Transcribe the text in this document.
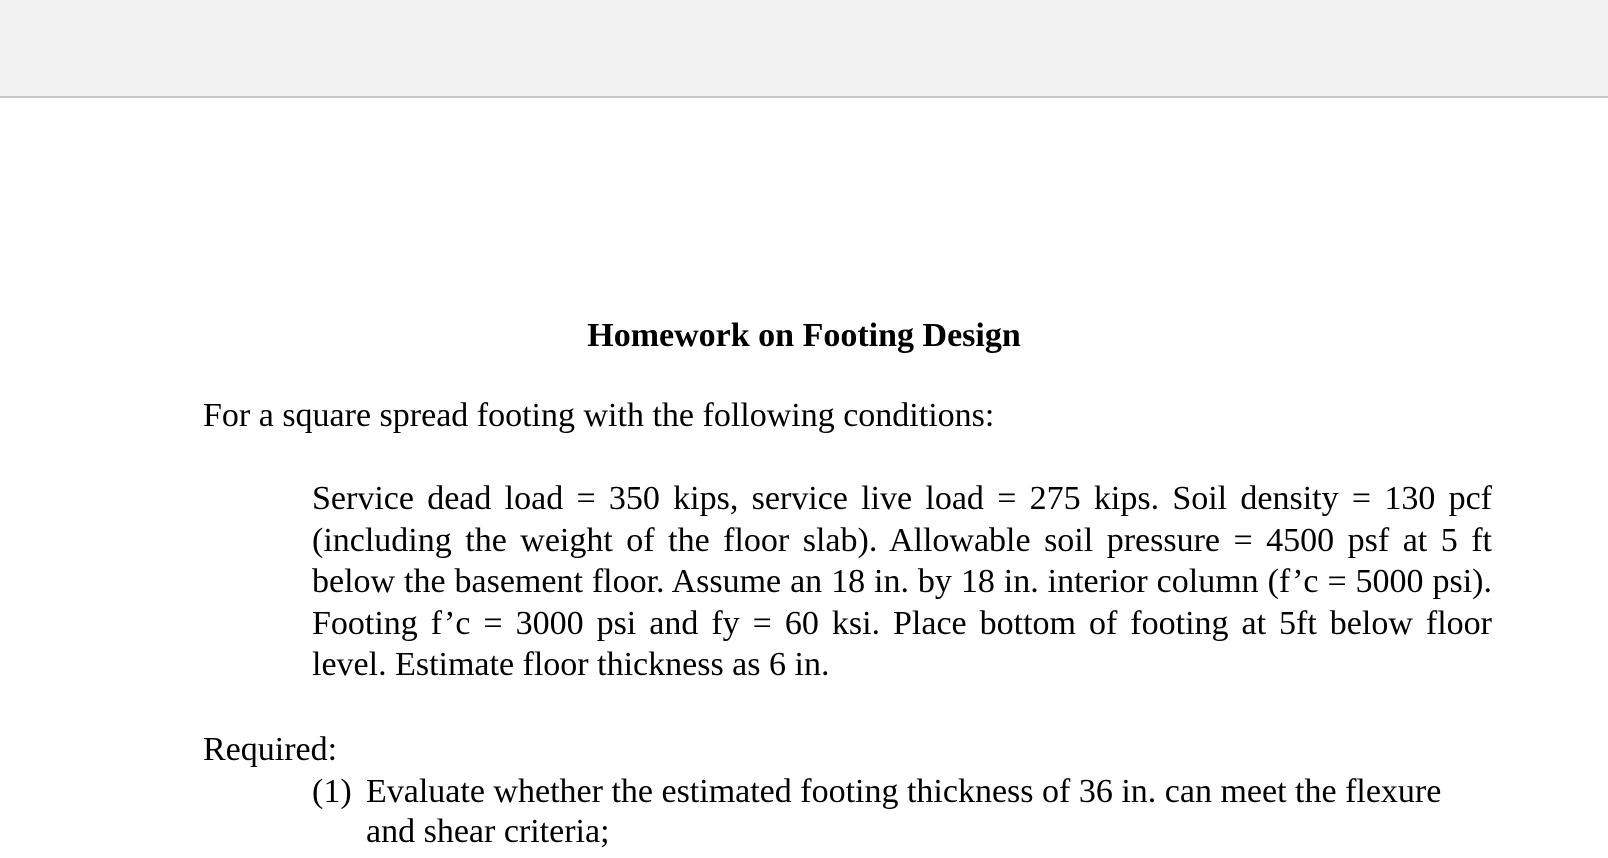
Homework on Footing Design
For a square spread footing with the following conditions:
Service dead load = 350 kips, service live load = 275 kips. Soil density = 130 pcf (including the weight of the floor slab). Allowable soil pressure = 4500 psf at 5 ft below the basement floor. Assume an 18 in. by 18 in. interior column (f’c = 5000 psi). Footing f’c = 3000 psi and fy = 60 ksi. Place bottom of footing at 5ft below floor level. Estimate floor thickness as 6 in.
Required:
(1) Evaluate whether the estimated footing thickness of 36 in. can meet the flexure and shear criteria;
